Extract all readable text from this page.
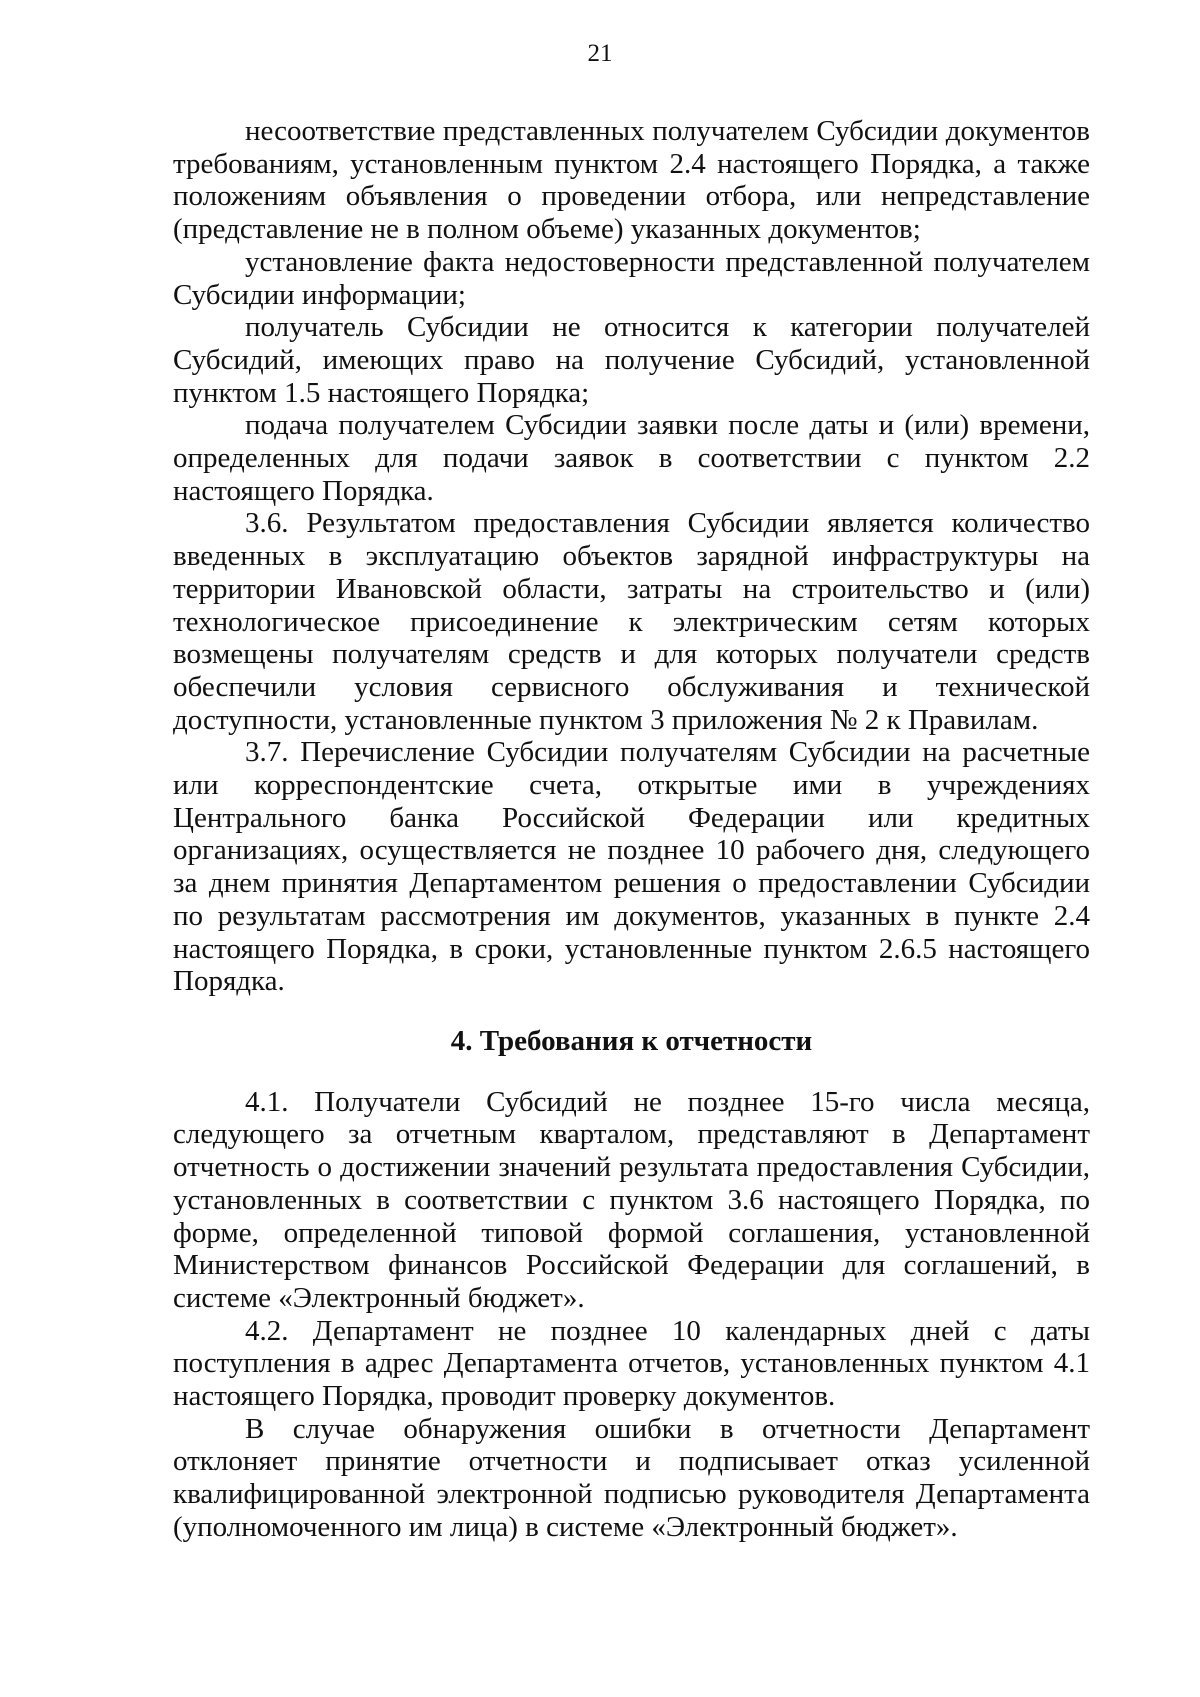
21

несоответствие представленных получателем Субсидии документов требованиям, установленным пунктом 2.4 настоящего Порядка, а также положениям объявления о проведении отбора, или непредставление (представление не в полном объеме) указанных документов;

установление факта недостоверности представленной получателем Субсидии информации;

получатель Субсидии не относится к категории получателей Субсидий, имеющих право на получение Субсидий, установленной пунктом 1.5 настоящего Порядка;

подача получателем Субсидии заявки после даты и (или) времени, определенных для подачи заявок в соответствии с пунктом 2.2 настоящего Порядка.

3.6. Результатом предоставления Субсидии является количество введенных в эксплуатацию объектов зарядной инфраструктуры на территории Ивановской области, затраты на строительство и (или) технологическое присоединение к электрическим сетям которых возмещены получателям средств и для которых получатели средств обеспечили условия сервисного обслуживания и технической доступности, установленные пунктом 3 приложения № 2 к Правилам.

3.7. Перечисление Субсидии получателям Субсидии на расчетные или корреспондентские счета, открытые ими в учреждениях Центрального банка Российской Федерации или кредитных организациях, осуществляется не позднее 10 рабочего дня, следующего за днем принятия Департаментом решения о предоставлении Субсидии по результатам рассмотрения им документов, указанных в пункте 2.4 настоящего Порядка, в сроки, установленные пунктом 2.6.5 настоящего Порядка.

4. Требования к отчетности

4.1. Получатели Субсидий не позднее 15-го числа месяца, следующего за отчетным кварталом, представляют в Департамент отчетность о достижении значений результата предоставления Субсидии, установленных в соответствии с пунктом 3.6 настоящего Порядка, по форме, определенной типовой формой соглашения, установленной Министерством финансов Российской Федерации для соглашений, в системе «Электронный бюджет».

4.2. Департамент не позднее 10 календарных дней с даты поступления в адрес Департамента отчетов, установленных пунктом 4.1 настоящего Порядка, проводит проверку документов.

В случае обнаружения ошибки в отчетности Департамент отклоняет принятие отчетности и подписывает отказ усиленной квалифицированной электронной подписью руководителя Департамента (уполномоченного им лица) в системе «Электронный бюджет».
